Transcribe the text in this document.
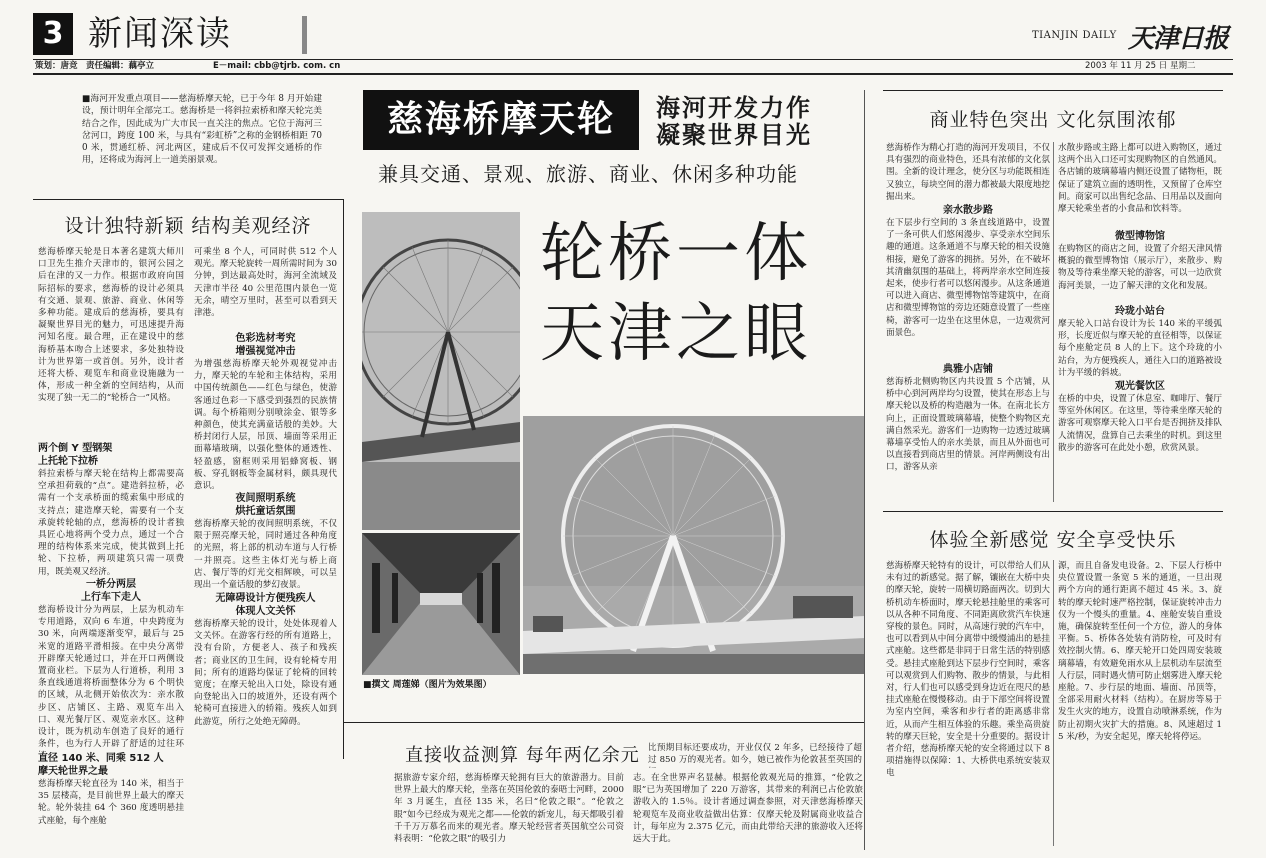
3 新闻深读	TIANJIN DAILY 天津日报
策划：唐竞　责任编辑：藕亭立	E－mail: cbb@tjrb. com. cn	2003 年 11 月 25 日 星期二
■海河开发重点项目——慈海桥摩天轮，已于今年 8 月开始建设，预计明年全部完工。慈海桥是一将斜拉索桥和摩天轮完美结合之作，因此成为广大市民一直关注的焦点。它位于海河三岔河口，跨度 100 米，与具有“彩虹桥”之称的金钢桥相距 700 米，贯通红桥、河北两区，建成后不仅可发挥交通桥的作用，还将成为海河上一道美丽景观。
慈海桥摩天轮	海河开发力作
凝聚世界目光
兼具交通、景观、旅游、商业、休闲多种功能
轮桥一体
天津之眼
■撰文 周莲娣（图片为效果图）
设计独特新颖 结构美观经济
慈海桥摩天轮是日本著名建筑大师川口卫先生推介天津市的，银河公园之后在津的又一力作。根据市政府向国际招标的要求，慈海桥的设计必须具有交通、景观、旅游、商业、休闲等多种功能。建成后的慈海桥，要具有凝聚世界目光的魅力，可迅速提升海河知名度。最合理，正在建设中的慈海桥基本吻合上述要求，多处独特设计为世界第一或首创。另外，设计者还将大桥、观览车和商业设施融为一体，形成一种全新的空间结构，从而实现了独一无二的“轮桥合一”风格。
两个倒 Y 型钢架
上托轮下拉桥
斜拉索桥与摩天轮在结构上都需要高空承担荷载的“点”。建造斜拉桥，必需有一个支承桥面的缆索集中形成的支持点；建造摩天轮，需要有一个支承旋转轮轴的点，慈海桥的设计者独具匠心地将两个受力点，通过一个合理的结构体系来完成，使其做到上托轮、下拉桥，两项建筑只需一项费用，既美观又经济。
一桥分两层
上行车下走人
慈海桥设计分为两层，上层为机动车专用道路，双向 6 车道，中央跨度为 30 米，向两端逐渐变窄，最后与 25 米宽的道路平滑相接。在中央分离带开辟摩天轮通过口，并在开口两侧设置商业栏。下层为人行道桥，利用 3 条直线通道将桥面整体分为 6 个明快的区域，从北侧开始依次为：亲水散步区、店铺区、主路、观览车出入口、观光餐厅区、观览亲水区。这种设计，既为机动车创造了良好的通行条件，也为行人开辟了舒适的过往环
直径 140 米、同乘 512 人
摩天轮世界之最
慈海桥摩天轮直径为 140 米，相当于 35 层楼高，是目前世界上最大的摩天轮。轮外装挂 64 个 360 度透明悬挂式座舱，每个座舱
可乘坐 8 个人，可同时供 512 个人观光。摩天轮旋转一周所需时间为 30 分钟，到达最高处时，海河全流域及天津市半径 40 公里范围内景色一览无余，晴空万里时，甚至可以看到天津港。
色彩选材考究
增强视觉冲击
为增强慈海桥摩天轮外观视觉冲击力，摩天轮的车轮和主体结构，采用中国传统颜色——红色与绿色，使游客通过色彩一下感受到强烈的民族情调。每个桥箱则分别喷涂金、银等多种颜色，使其充满童话般的美妙。大桥封闭行人层，吊顶、墙面等采用正面幕墙玻璃，以强化整体的通透性、轻盈感，窗框则采用铝蜂窝板、钢板、穿孔钢板等金属材料，颇具现代意识。
夜间照明系统
烘托童话氛围
慈海桥摩天轮的夜间照明系统，不仅限于照亮摩天轮，同时通过各种角度的光照，将上部的机动车道与人行桥一并照亮。这些主体灯光与桥上商店、餐厅等的灯光交相辉映，可以呈现出一个童话般的梦幻夜景。
无障碍设计方便残疾人
体现人文关怀
慈海桥摩天轮的设计，处处体现着人文关怀。在游客行经的所有道路上，没有台阶，方便老人、孩子和残疾者；商业区的卫生间，设有轮椅专用间；所有的道路均保证了轮椅的回转宽度；在摩天轮出入口处，除设有通向登轮出入口的坡道外，还设有两个轮椅可直接进入的轿箱。残疾人如到此游览，所行之处绝无障碍。
商业特色突出 文化氛围浓郁
慈海桥作为精心打造的海河开发项目，不仅具有强烈的商业特色，还具有浓郁的文化氛围。全新的设计理念，使分区与功能既相连又独立，每块空间的潜力都被最大限度地挖掘出来。
亲水散步路
在下层步行空间的 3 条直线道路中，设置了一条可供人们悠闲漫步、享受亲水空间乐趣的通道。这条通道不与摩天轮的相关设施相接，避免了游客的拥挤。另外，在不破坏其清幽氛围的基础上，将两岸亲水空间连接起来，使步行者可以悠闲漫步。从这条通道可以进入商店、微型博物馆等建筑中，在商店和微型博物馆的旁边还随意设置了一些座椅，游客可一边坐在这里休息，一边观赏河面景色。
典雅小店铺
慈海桥北侧购物区内共设置 5 个店铺，从桥中心到河两岸均匀设置，使其在形态上与摩天轮以及桥的构造融为一体。在南北长方向上，正面设置玻璃幕墙，使整个购物区充满自然采光。游客们一边购物一边透过玻璃幕墙享受怡人的亲水美景，而且从外面也可以直接看到商店里的情景。河岸两侧设有出口，游客从亲
水散步路或主路上都可以进入购物区，通过这两个出入口还可实现购物区的自然通风。各店铺的玻璃幕墙内侧还设置了储物柜，既保证了建筑立面的透明性，又预留了仓库空间。商家可以出售纪念品、日用品以及面向摩天轮乘坐者的小食品和饮料等。
微型博物馆
在购物区的商店之间，设置了介绍天津风情概貌的微型博物馆（展示厅），来散步、购物及等待乘坐摩天轮的游客，可以一边欣赏海河美景，一边了解天津的文化和发展。
玲珑小站台
摩天轮入口站台设计为长 140 米的平缓弧形，长度近似与摩天轮的直径相等，以保证每个座舱定员 8 人的上下。这个玲珑的小站台，为方便残疾人，通往入口的道路被设计为平缓的斜坡。
观光餐饮区
在桥的中央，设置了休息室、咖啡厅、餐厅等室外休闲区。在这里，等待乘坐摩天轮的游客可观察摩天轮入口平台是否拥挤及排队人流情况，盘算自己去乘坐的时机。到这里散步的游客可在此处小憩，欣赏风景。
体验全新感觉 安全享受快乐
慈海桥摩天轮特有的设计，可以带给人们从未有过的新感觉。据了解，镶嵌在大桥中央的摩天轮，旋转一周横切路面两次。切到大桥机动车桥面时，摩天轮悬挂舱里的乘客可以从各种不同角度、不同距离欣赏汽车快速穿梭的景色。同时，从高速行驶的汽车中，也可以看到从中间分离带中缓慢浦出的悬挂式座舱。这些都是非同于日常生活的特别感受。悬挂式座舱到达下层步行空间时，乘客可以观赏到人们购物、散步的情景，与此相对，行人们也可以感受到身边近在咫尺的悬挂式座舱在慢慢移动。由于下部空间将设置为室内空间，乘客和步行者的距离感非常近，从而产生相互体验的乐趣。乘坐高贵旋转的摩天巨轮，安全是十分重要的。据设计者介绍，慈海桥摩天轮的安全将通过以下 8 项措施得以保障：1、大桥供电系统安装双电
源，而且自备发电设备。2、下层人行桥中央位置设置一条宽 5 米的通道，一旦出现两个方向的通行距离不超过 45 米。3、旋转的摩天轮时速严格控制，保证旋转冲击力仅为一个慢头的重量。4、座舱安装自重设施，确保旋转至任何一个方位，游人的身体平衡。5、桥体各处装有消防栓，可及时有效控制火情。6、摩天轮开口处四周安装玻璃幕墙，有效避免雨水从上层机动车层流至人行层，同时遇火情可防止烟雾进入摩天轮座舱。7、步行层的地面、墙面、吊顶等，全部采用耐火材料（结构）。在厨房等易于发生火灾的地方，设置自动喷淋系统，作为防止初期火灾扩大的措施。8、风速超过 15 米/秒，为安全起见，摩天轮将停运。
直接收益测算 每年两亿余元
据旅游专家介绍，慈海桥摩天轮拥有巨大的旅游潜力。目前世界上最大的摩天轮，坐落在英国伦敦的泰晤士河畔，2000 年 3 月诞生，直径 135 米，名曰“伦敦之眼”。“伦敦之眼”如今已经成为观光之都——伦敦的新宠儿，每天都吸引着千千万万慕名而来的观光者。摩天轮经营者英国航空公司资料表明：“伦敦之眼”的吸引力
志。在全世界声名显赫。根据伦敦观光局的推算，“伦敦之眼”已为英国增加了 220 万游客，其带来的利润已占伦敦旅游收入的 1.5％。设计者通过调查参照，对天津慈海桥摩天轮观览车及商业收益做出估算：仅摩天轮及附属商业收益合计，每年应为 2.375 亿元，而由此带给天津的旅游收入还将远大于此。
比预期目标还要成功，开业仅仅 2 年多，已经接待了超过 850 万的观光者。如今，她已被作为伦敦甚至英国的
